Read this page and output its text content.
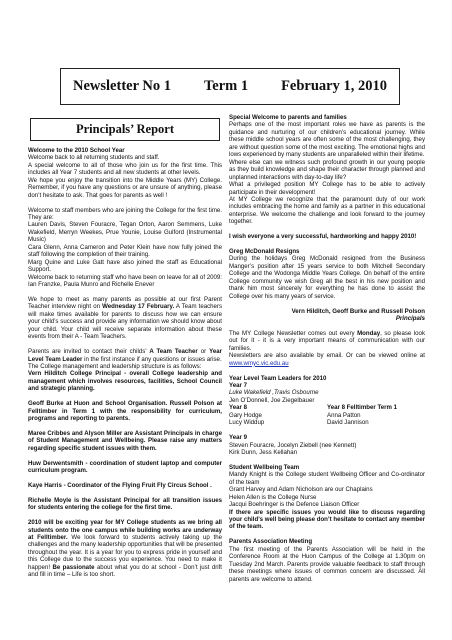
Newsletter No 1 Term 1 February 1, 2010
Principals’ Report
Welcome to the 2010 School Year
Welcome back to all returning students and staff.
A special welcome to all of those who join us for the first time. This includes all Year 7 students and all new students at other levels.
We hope you enjoy the transition into the Middle Years (MY) College. Remember, if you have any questions or are unsure of anything, please don’t hesitate to ask. That goes for parents as well !
Welcome to staff members who are joining the College for the first time. They are:
Lauren Davis, Steven Fouracre, Tegan Orton, Aaron Semmens, Luke Wakefield, Merryn Weekes, Prue Younie, Louise Gulford (Instrumental Music)
Cara Glenn, Anna Cameron and Peter Klein have now fully joined the staff following the completion of their training.
Marg Quine and Luke Gatt have also joined the staff as Educational Support.
Welcome back to returning staff who have been on leave for all of 2009: Ian Franzke, Paula Munro and Richelle Enever
We hope to meet as many parents as possible at our first Parent Teacher interview night on Wednesday 17 February. A Team teachers will make times available for parents to discuss how we can ensure your child’s success and provide any information we should know about your child. Your child will receive separate information about these events from their A - Team Teachers.
Parents are invited to contact their childs’ A Team Teacher or Year Level Team Leader in the first instance if any questions or issues arise.
The College management and leadership structure is as follows:
Vern Hilditch College Principal - overall College leadership and management which involves resources, facilities, School Council and strategic planning.
Geoff Burke at Huon and School Organisation. Russell Polson at Felltimber in Term 1 with the responsibility for curriculum, programs and reporting to parents.
Maree Cribbes and Alyson Miller are Assistant Principals in charge of Student Management and Wellbeing. Please raise any matters regarding specific student issues with them.
Huw Derwentsmith - coordination of student laptop and computer curriculum program.
Kaye Harris - Coordinator of the Flying Fruit Fly Circus School .
Richelle Moyle is the Assistant Principal for all transition issues for students entering the college for the first time.
2010 will be exciting year for MY College students as we bring all students onto the one campus while building works are underway at Felltimber. We look forward to students actively taking up the challenges and the many leadership opportunities that will be presented throughout the year. It is a year for you to express pride in yourself and this College due to the success you experience. You need to make it happen! Be passionate about what you do at school - Don’t just drift and fill in time – Life is too short.
Special Welcome to parents and families
Perhaps one of the most important roles we have as parents is the guidance and nurturing of our children’s educational journey. While these middle school years are often some of the most challenging, they are without question some of the most exciting. The emotional highs and lows experienced by many students are unparalleled within their lifetime.
Where else can we witness such profound growth in our young people as they build knowledge and shape their character through planned and unplanned interactions with day-to-day life?
What a privileged position MY College has to be able to actively participate in their development!
At MY College we recognize that the paramount duty of our work includes embracing the home and family as a partner in this educational enterprise. We welcome the challenge and look forward to the journey together.
I wish everyone a very successful, hardworking and happy 2010!
Greg McDonald Resigns
During the holidays Greg McDonald resigned from the Business Manger’s position after 15 years service to both Mitchell Secondary College and the Wodonga Middle Years College. On behalf of the entire College community we wish Greg all the best in his new position and thank him most sincerely for everything he has done to assist the College over his many years of service.
Vern Hilditch, Geoff Burke and Russell Polson
Principals
The MY College Newsletter comes out every Monday, so please look out for it - it is a very important means of communication with our families.
Newsletters are also available by email. Or can be viewed online at www.wmyc.vic.edu.au
Year Level Team Leaders for 2010
Year 7
Luke Wakefield ,Travis Osbourne
Jen O’Donnell, Joe Ziegelbauer
Year 8
Gary Hodge
Lucy Widdup
Year 8 Felltimber Term 1
Anna Patton
David Jannison
Year 9
Steven Fouracre, Jocelyn Ziebell (nee Kennett)
Kirk Dunn, Jess Kellahan
Student Wellbeing Team
Mandy Knight is the College student Wellbeing Officer and Co-ordinator of the team
Grant Harvey and Adam Nicholson are our Chaplains
Helen Allen is the College Nurse
Jacqui Boehringer is the Defence Liaison Officer
If there are specific issues you would like to discuss regarding your child’s well being please don’t hesitate to contact any member of the team.
Parents Association Meeting
The first meeting of the Parents Association will be held in the Conference Room at the Huon Campus of the College at 1.30pm on Tuesday 2nd March. Parents provide valuable feedback to staff through these meetings where issues of common concern are discussed. All parents are welcome to attend.
